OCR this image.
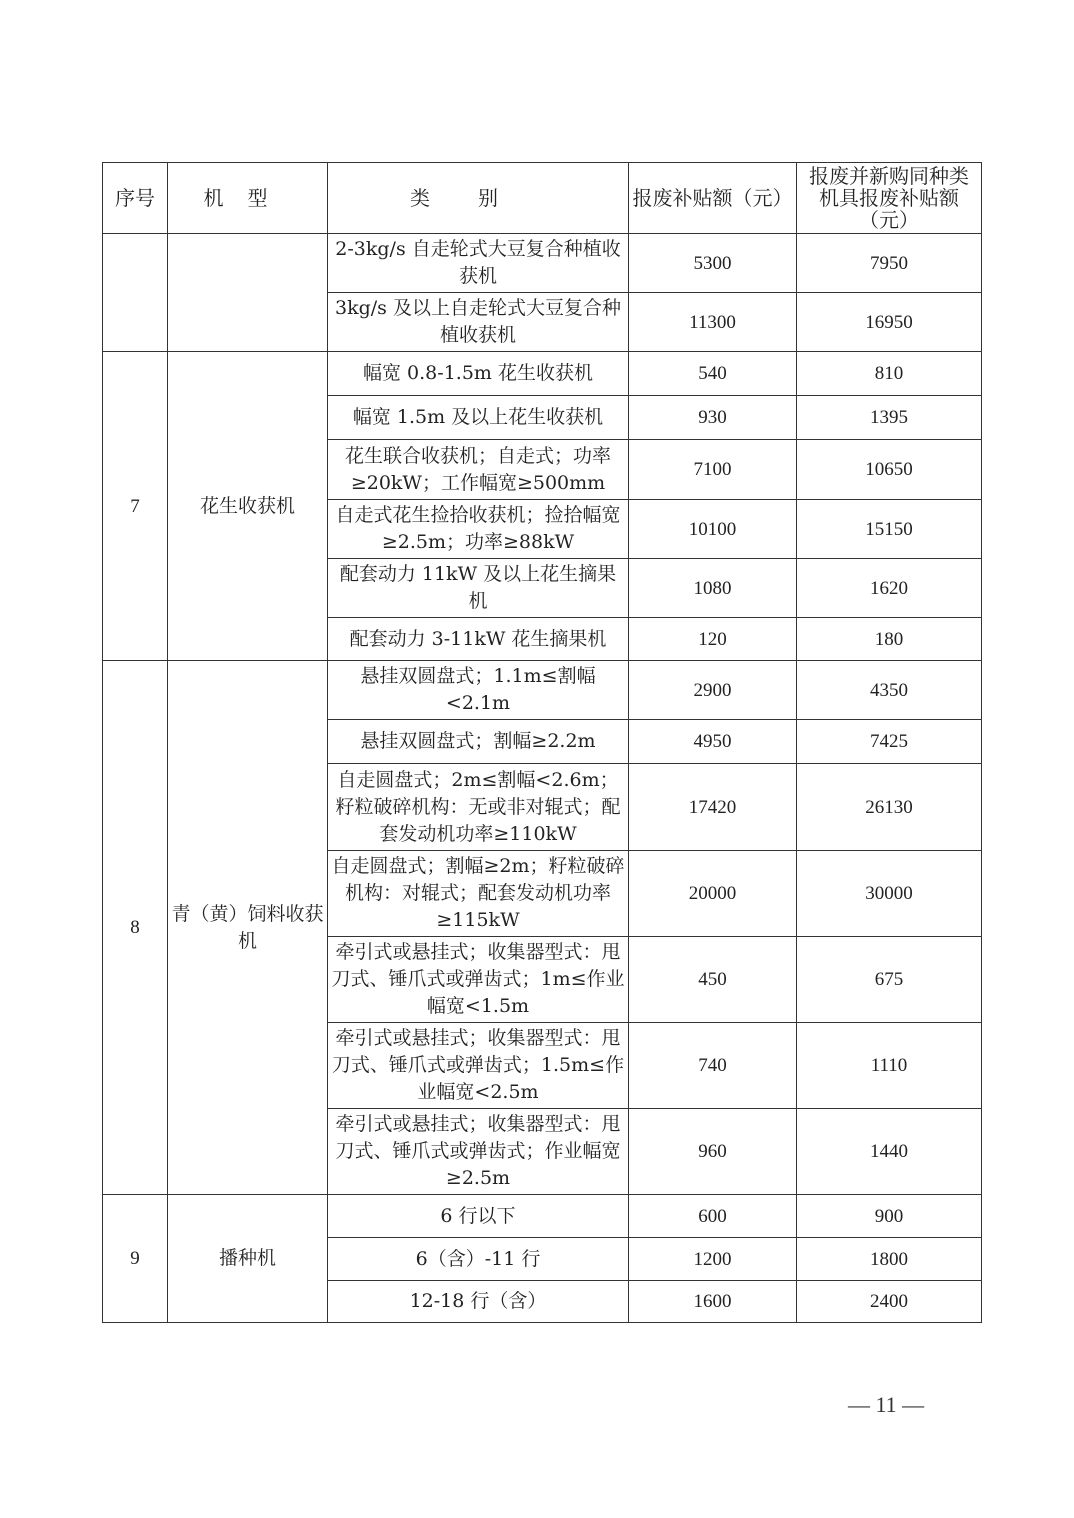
序号	机型	类别	报废补贴额（元）	报废并新购同种类机具报废补贴额（元）
		2-3kg/s 自走轮式大豆复合种植收获机	5300	7950
		3kg/s 及以上自走轮式大豆复合种植收获机	11300	16950
7	花生收获机	幅宽 0.8-1.5m 花生收获机	540	810
		幅宽 1.5m 及以上花生收获机	930	1395
		花生联合收获机；自走式；功率≥20kW；工作幅宽≥500mm	7100	10650
		自走式花生捡拾收获机；捡拾幅宽≥2.5m；功率≥88kW	10100	15150
		配套动力 11kW 及以上花生摘果机	1080	1620
		配套动力 3-11kW 花生摘果机	120	180
8	青（黄）饲料收获机	悬挂双圆盘式；1.1m≤割幅<2.1m	2900	4350
		悬挂双圆盘式；割幅≥2.2m	4950	7425
		自走圆盘式；2m≤割幅<2.6m；籽粒破碎机构：无或非对辊式；配套发动机功率≥110kW	17420	26130
		自走圆盘式；割幅≥2m；籽粒破碎机构：对辊式；配套发动机功率≥115kW	20000	30000
		牵引式或悬挂式；收集器型式：甩刀式、锤爪式或弹齿式；1m≤作业幅宽<1.5m	450	675
		牵引式或悬挂式；收集器型式：甩刀式、锤爪式或弹齿式；1.5m≤作业幅宽<2.5m	740	1110
		牵引式或悬挂式；收集器型式：甩刀式、锤爪式或弹齿式；作业幅宽≥2.5m	960	1440
9	播种机	6 行以下	600	900
		6（含）-11 行	1200	1800
		12-18 行（含）	1600	2400
— 11 —
